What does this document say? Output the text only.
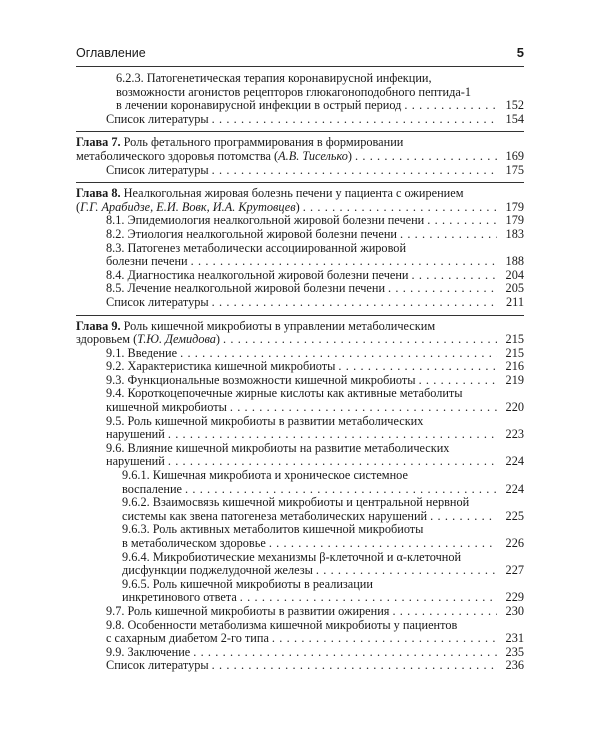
Оглавление	5
6.2.3. Патогенетическая терапия коронавирусной инфекции,
возможности агонистов рецепторов глюкагоноподобного пептида-1
в лечении коронавирусной инфекции в острый период . . .	152
Список литературы . . .	154
Глава 7. Роль фетального программирования в формировании
метаболического здоровья потомства (А.В. Тиселько) . . .	169
Список литературы . . .	175
Глава 8. Неалкогольная жировая болезнь печени у пациента с ожирением
(Г.Г. Арабидзе, Е.И. Вовк, И.А. Крутовцев) . . .	179
8.1. Эпидемиология неалкогольной жировой болезни печени . . .	179
8.2. Этиология неалкогольной жировой болезни печени . . .	183
8.3. Патогенез метаболически ассоциированной жировой
болезни печени . . .	188
8.4. Диагностика неалкогольной жировой болезни печени . . .	204
8.5. Лечение неалкогольной жировой болезни печени . . .	205
Список литературы . . .	211
Глава 9. Роль кишечной микробиоты в управлении метаболическим
здоровьем (Т.Ю. Демидова) . . .	215
9.1. Введение . . .	215
9.2. Характеристика кишечной микробиоты . . .	216
9.3. Функциональные возможности кишечной микробиоты . . .	219
9.4. Короткоцепочечные жирные кислоты как активные метаболиты
кишечной микробиоты . . .	220
9.5. Роль кишечной микробиоты в развитии метаболических
нарушений . . .	223
9.6. Влияние кишечной микробиоты на развитие метаболических
нарушений . . .	224
9.6.1. Кишечная микробиота и хроническое системное
воспаление . . .	224
9.6.2. Взаимосвязь кишечной микробиоты и центральной нервной
системы как звена патогенеза метаболических нарушений . . .	225
9.6.3. Роль активных метаболитов кишечной микробиоты
в метаболическом здоровье . . .	226
9.6.4. Микробиотические механизмы β-клеточной и α-клеточной
дисфункции поджелудочной железы . . .	227
9.6.5. Роль кишечной микробиоты в реализации
инкретинового ответа . . .	229
9.7. Роль кишечной микробиоты в развитии ожирения . . .	230
9.8. Особенности метаболизма кишечной микробиоты у пациентов
с сахарным диабетом 2-го типа . . .	231
9.9. Заключение . . .	235
Список литературы . . .	236
